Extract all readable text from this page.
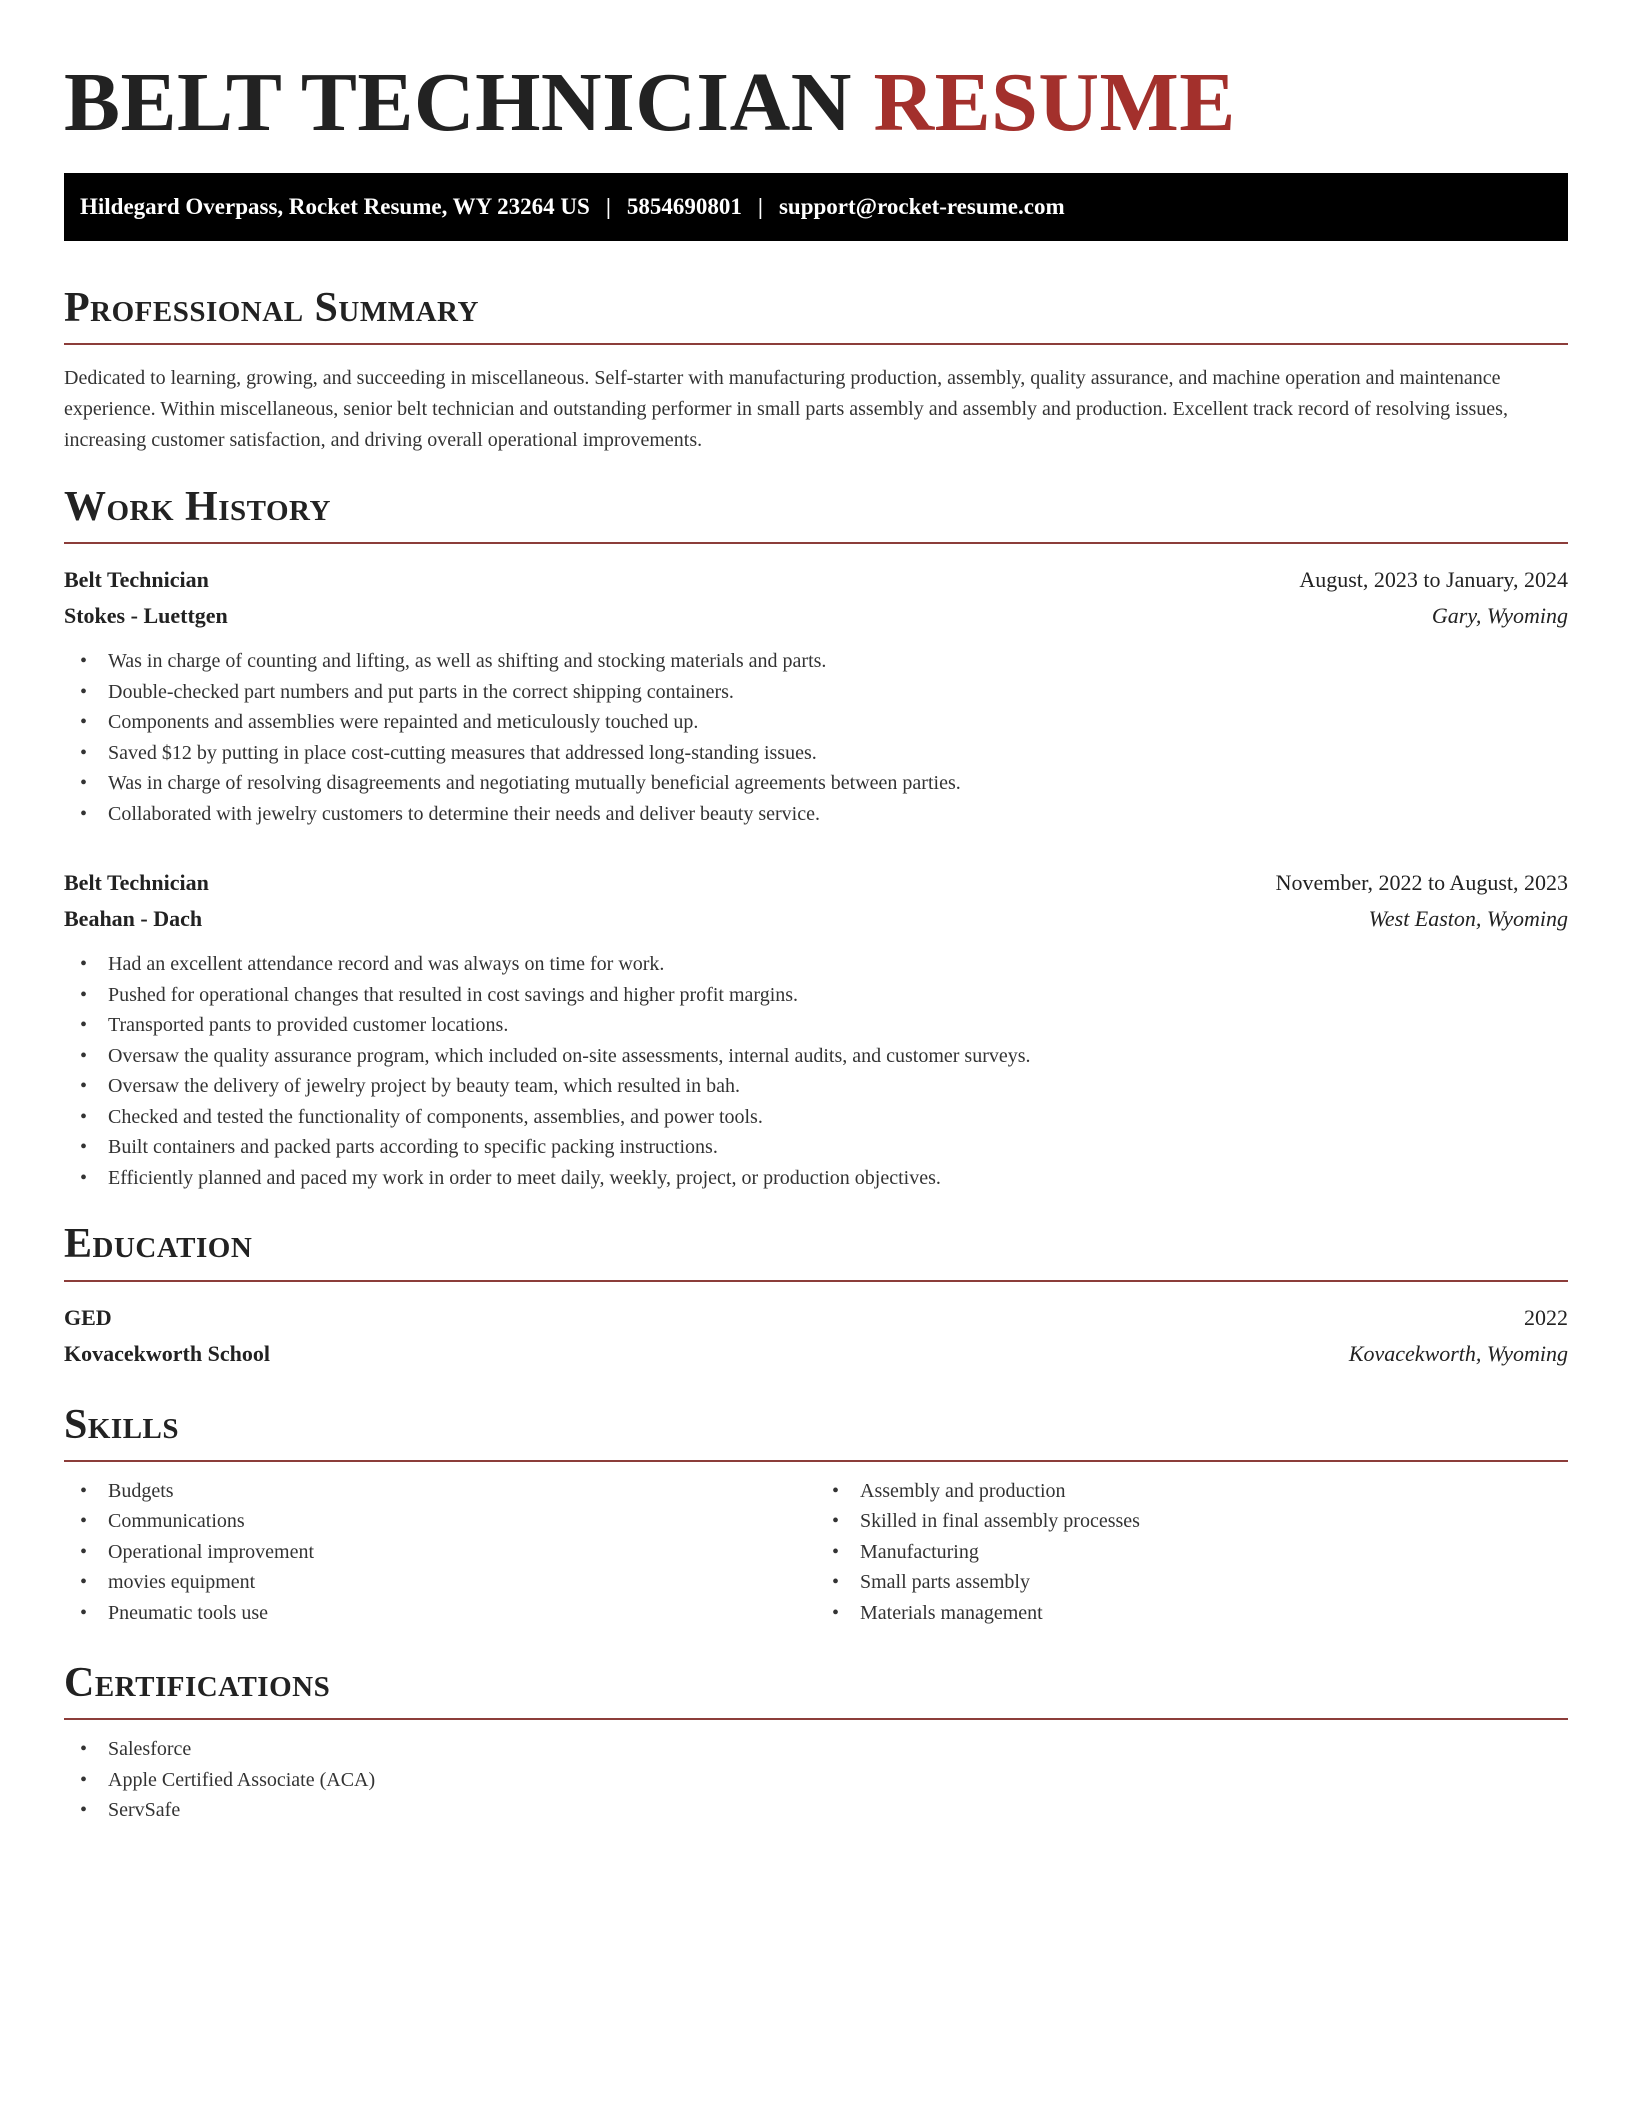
BELT TECHNICIAN RESUME
Hildegard Overpass, Rocket Resume, WY 23264 US | 5854690801 | support@rocket-resume.com
Professional Summary

Dedicated to learning, growing, and succeeding in miscellaneous. Self-starter with manufacturing production, assembly, quality assurance, and machine operation and maintenance experience. Within miscellaneous, senior belt technician and outstanding performer in small parts assembly and assembly and production. Excellent track record of resolving issues, increasing customer satisfaction, and driving overall operational improvements.

Work History
Belt Technician	August, 2023 to January, 2024
Stokes - Luettgen	Gary, Wyoming
• Was in charge of counting and lifting, as well as shifting and stocking materials and parts.
• Double-checked part numbers and put parts in the correct shipping containers.
• Components and assemblies were repainted and meticulously touched up.
• Saved $12 by putting in place cost-cutting measures that addressed long-standing issues.
• Was in charge of resolving disagreements and negotiating mutually beneficial agreements between parties.
• Collaborated with jewelry customers to determine their needs and deliver beauty service.
Belt Technician	November, 2022 to August, 2023
Beahan - Dach	West Easton, Wyoming
• Had an excellent attendance record and was always on time for work.
• Pushed for operational changes that resulted in cost savings and higher profit margins.
• Transported pants to provided customer locations.
• Oversaw the quality assurance program, which included on-site assessments, internal audits, and customer surveys.
• Oversaw the delivery of jewelry project by beauty team, which resulted in bah.
• Checked and tested the functionality of components, assemblies, and power tools.
• Built containers and packed parts according to specific packing instructions.
• Efficiently planned and paced my work in order to meet daily, weekly, project, or production objectives.
Education
GED	2022
Kovacekworth School	Kovacekworth, Wyoming
Skills
• Budgets
• Communications
• Operational improvement
• movies equipment
• Pneumatic tools use
• Assembly and production
• Skilled in final assembly processes
• Manufacturing
• Small parts assembly
• Materials management
Certifications
• Salesforce
• Apple Certified Associate (ACA)
• ServSafe
